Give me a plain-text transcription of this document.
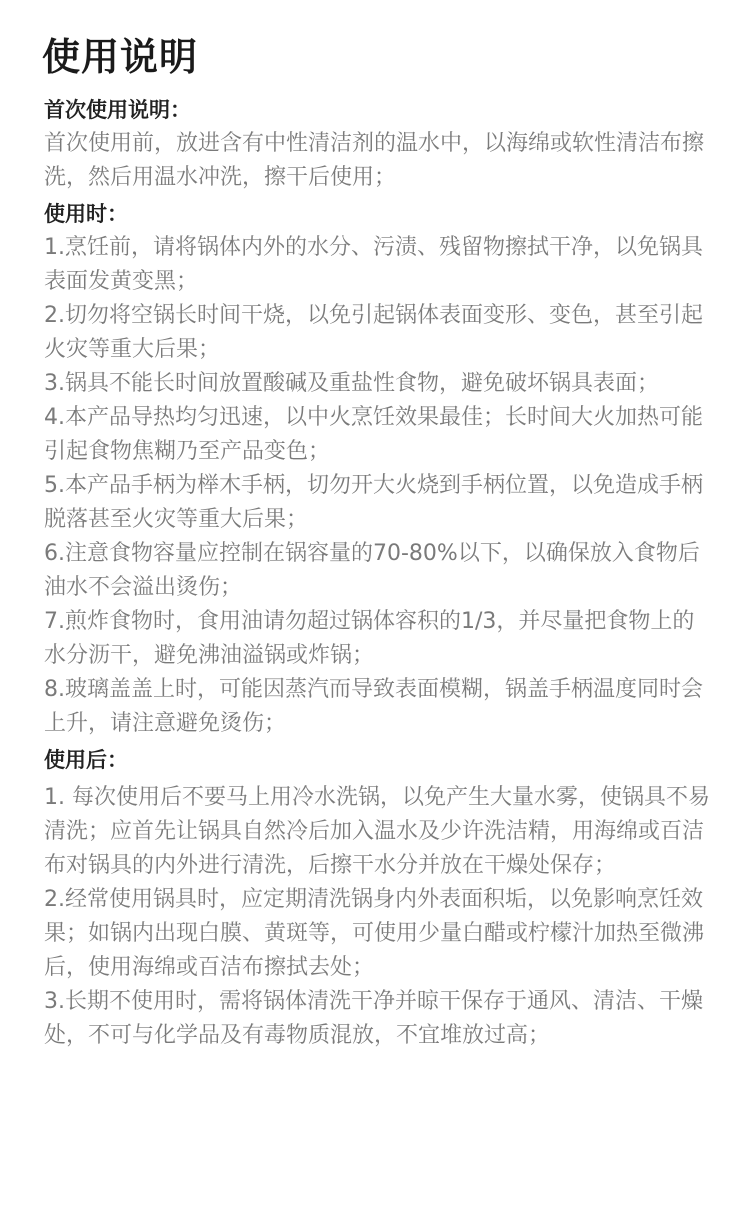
使用说明
首次使用说明：

首次使用前，放进含有中性清洁剂的温水中，以海绵或软性清洁布擦洗，然后用温水冲洗，擦干后使用；

使用时：

1.烹饪前，请将锅体内外的水分、污渍、残留物擦拭干净，以免锅具表面发黄变黑；

2.切勿将空锅长时间干烧，以免引起锅体表面变形、变色，甚至引起火灾等重大后果；

3.锅具不能长时间放置酸碱及重盐性食物，避免破坏锅具表面；

4.本产品导热均匀迅速，以中火烹饪效果最佳；长时间大火加热可能引起食物焦糊乃至产品变色；

5.本产品手柄为榉木手柄，切勿开大火烧到手柄位置，以免造成手柄脱落甚至火灾等重大后果；

6.注意食物容量应控制在锅容量的70-80%以下，以确保放入食物后油水不会溢出烫伤；

7.煎炸食物时，食用油请勿超过锅体容积的1/3，并尽量把食物上的水分沥干，避免沸油溢锅或炸锅；

8.玻璃盖盖上时，可能因蒸汽而导致表面模糊，锅盖手柄温度同时会上升，请注意避免烫伤；

使用后：

1. 每次使用后不要马上用冷水洗锅，以免产生大量水雾，使锅具不易清洗；应首先让锅具自然冷后加入温水及少许洗洁精，用海绵或百洁布对锅具的内外进行清洗，后擦干水分并放在干燥处保存；

2.经常使用锅具时，应定期清洗锅身内外表面积垢，以免影响烹饪效果；如锅内出现白膜、黄斑等，可使用少量白醋或柠檬汁加热至微沸后，使用海绵或百洁布擦拭去处；

3.长期不使用时，需将锅体清洗干净并晾干保存于通风、清洁、干燥处，不可与化学品及有毒物质混放，不宜堆放过高；
